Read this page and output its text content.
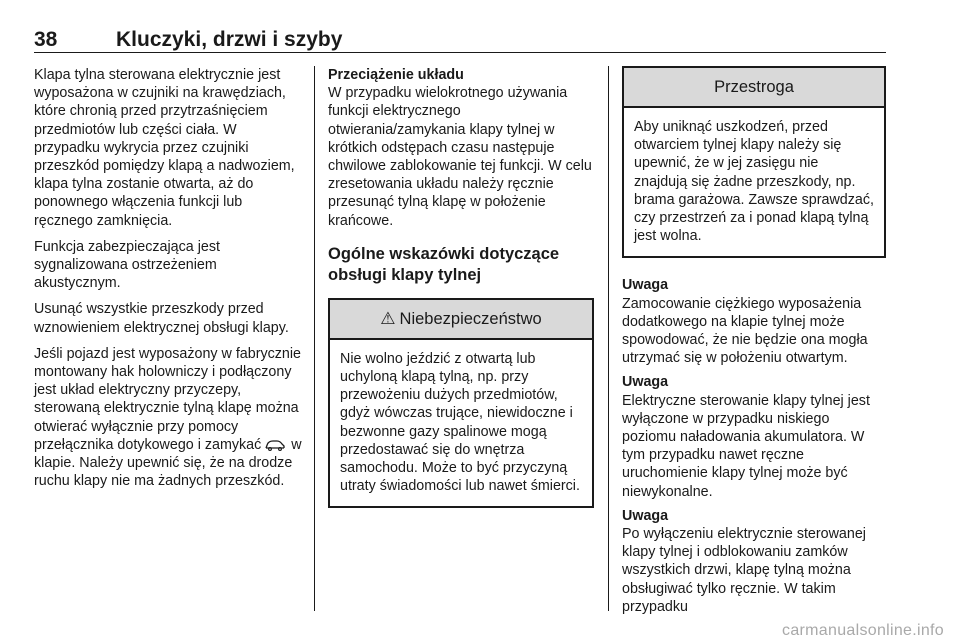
38	Kluczyki, drzwi i szyby

Klapa tylna sterowana elektrycznie jest wyposażona w czujniki na krawędziach, które chronią przed przytrzaśnięciem przedmiotów lub części ciała. W przypadku wykrycia przez czujniki przeszkód pomiędzy klapą a nadwoziem, klapa tylna zostanie otwarta, aż do ponownego włączenia funkcji lub ręcznego zamknięcia.

Funkcja zabezpieczająca jest sygnalizowana ostrzeżeniem akustycznym.

Usunąć wszystkie przeszkody przed wznowieniem elektrycznej obsługi klapy.

Jeśli pojazd jest wyposażony w fabrycznie montowany hak holowniczy i podłączony jest układ elektryczny przyczepy, sterowaną elektrycznie tylną klapę można otwierać wyłącznie przy pomocy przełącznika dotykowego i zamykać w klapie. Należy upewnić się, że na drodze ruchu klapy nie ma żadnych przeszkód.

Przeciążenie układu

W przypadku wielokrotnego używania funkcji elektrycznego otwierania/zamykania klapy tylnej w krótkich odstępach czasu następuje chwilowe zablokowanie tej funkcji. W celu zresetowania układu należy ręcznie przesunąć tylną klapę w położenie krańcowe.

Ogólne wskazówki dotyczące obsługi klapy tylnej
⚠ Niebezpieczeństwo
Nie wolno jeździć z otwartą lub uchyloną klapą tylną, np. przy przewożeniu dużych przedmiotów, gdyż wówczas trujące, niewidoczne i bezwonne gazy spalinowe mogą przedostawać się do wnętrza samochodu. Może to być przyczyną utraty świadomości lub nawet śmierci.
Przestroga
Aby uniknąć uszkodzeń, przed otwarciem tylnej klapy należy się upewnić, że w jej zasięgu nie znajdują się żadne przeszkody, np. brama garażowa. Zawsze sprawdzać, czy przestrzeń za i ponad klapą tylną jest wolna.
Uwaga

Zamocowanie ciężkiego wyposażenia dodatkowego na klapie tylnej może spowodować, że nie będzie ona mogła utrzymać się w położeniu otwartym.

Uwaga

Elektryczne sterowanie klapy tylnej jest wyłączone w przypadku niskiego poziomu naładowania akumulatora. W tym przypadku nawet ręczne uruchomienie klapy tylnej może być niewykonalne.

Uwaga

Po wyłączeniu elektrycznie sterowanej klapy tylnej i odblokowaniu zamków wszystkich drzwi, klapę tylną można obsługiwać tylko ręcznie. W takim przypadku

carmanualsonline.info
